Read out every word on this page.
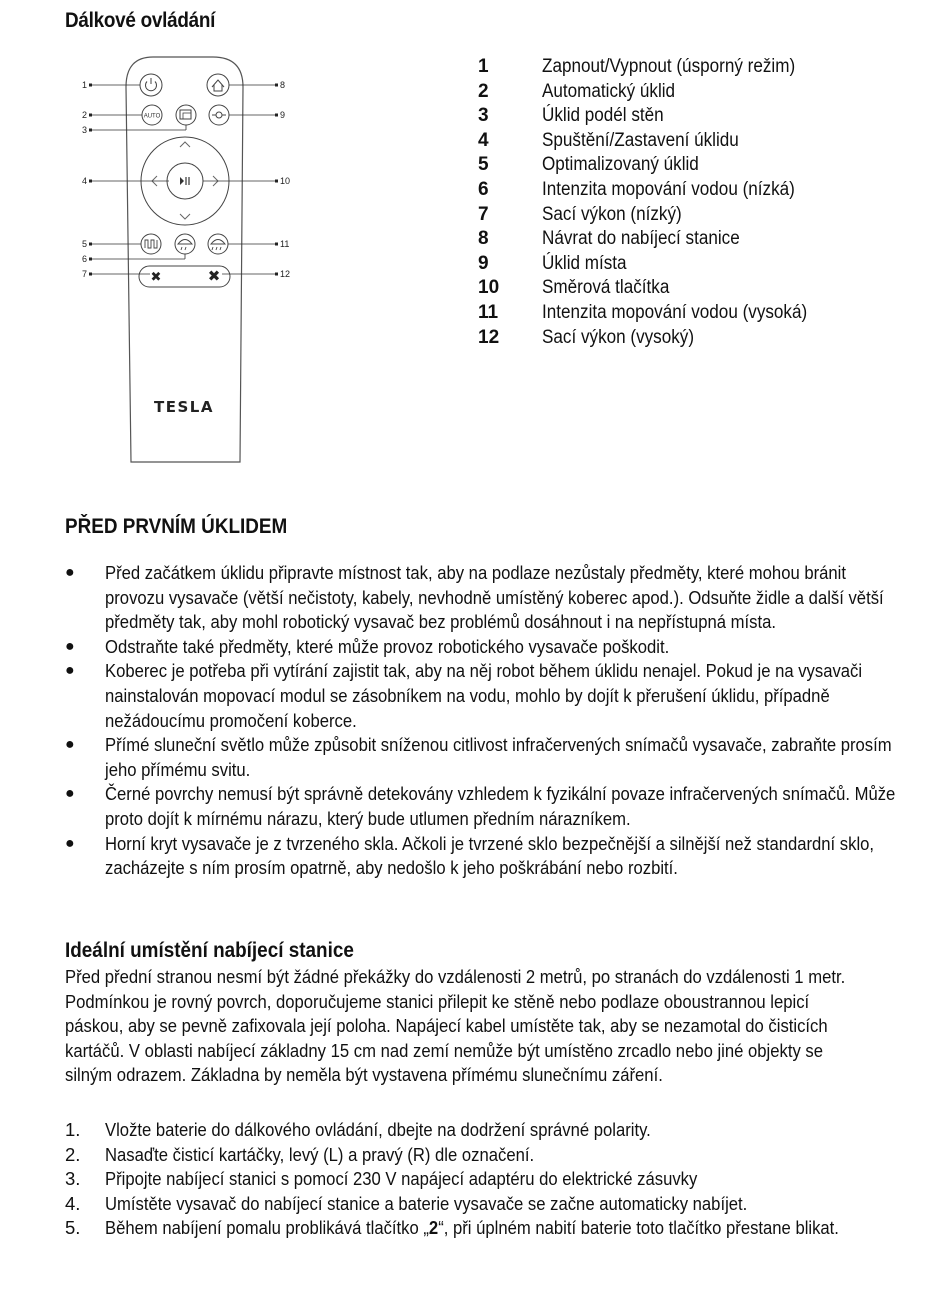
Dálkové ovládání
AUTO
✖	✖
TESLA
1
2
3
4
5
6
7
8
9
10
11
12
1	Zapnout/Vypnout (úsporný režim)
2	Automatický úklid
3	Úklid podél stěn
4	Spuštění/Zastavení úklidu
5	Optimalizovaný úklid
6	Intenzita mopování vodou (nízká)
7	Sací výkon (nízký)
8	Návrat do nabíjecí stanice
9	Úklid místa
10 Směrová tlačítka
11 Intenzita mopování vodou (vysoká)
12 Sací výkon (vysoký)
PŘED PRVNÍM ÚKLIDEM
● Před začátkem úklidu připravte místnost tak, aby na podlaze nezůstaly předměty, které mohou bránit provozu vysavače (větší nečistoty, kabely, nevhodně umístěný koberec apod.). Odsuňte židle a další větší předměty tak, aby mohl robotický vysavač bez problémů dosáhnout i na nepřístupná místa.
● Odstraňte také předměty, které může provoz robotického vysavače poškodit.
● Koberec je potřeba při vytírání zajistit tak, aby na něj robot během úklidu nenajel. Pokud je na vysavači nainstalován mopovací modul se zásobníkem na vodu, mohlo by dojít k přerušení úklidu, případně nežádoucímu promočení koberce.
● Přímé sluneční světlo může způsobit sníženou citlivost infračervených snímačů vysavače, zabraňte prosím jeho přímému svitu.
● Černé povrchy nemusí být správně detekovány vzhledem k fyzikální povaze infračervených snímačů. Může proto dojít k mírnému nárazu, který bude utlumen předním nárazníkem.
● Horní kryt vysavače je z tvrzeného skla. Ačkoli je tvrzené sklo bezpečnější a silnější než standardní sklo, zacházejte s ním prosím opatrně, aby nedošlo k jeho poškrábání nebo rozbití.
Ideální umístění nabíjecí stanice
Před přední stranou nesmí být žádné překážky do vzdálenosti 2 metrů, po stranách do vzdálenosti 1 metr. Podmínkou je rovný povrch, doporučujeme stanici přilepit ke stěně nebo podlaze oboustrannou lepicí páskou, aby se pevně zafixovala její poloha. Napájecí kabel umístěte tak, aby se nezamotal do čisticích kartáčů. V oblasti nabíjecí základny 15 cm nad zemí nemůže být umístěno zrcadlo nebo jiné objekty se silným odrazem. Základna by neměla být vystavena přímému slunečnímu záření.
1. Vložte baterie do dálkového ovládání, dbejte na dodržení správné polarity.
2. Nasaďte čisticí kartáčky, levý (L) a pravý (R) dle označení.
3. Připojte nabíjecí stanici s pomocí 230 V napájecí adaptéru do elektrické zásuvky
4. Umístěte vysavač do nabíjecí stanice a baterie vysavače se začne automaticky nabíjet.
5. Během nabíjení pomalu problikává tlačítko „2“, při úplném nabití baterie toto tlačítko přestane blikat.
